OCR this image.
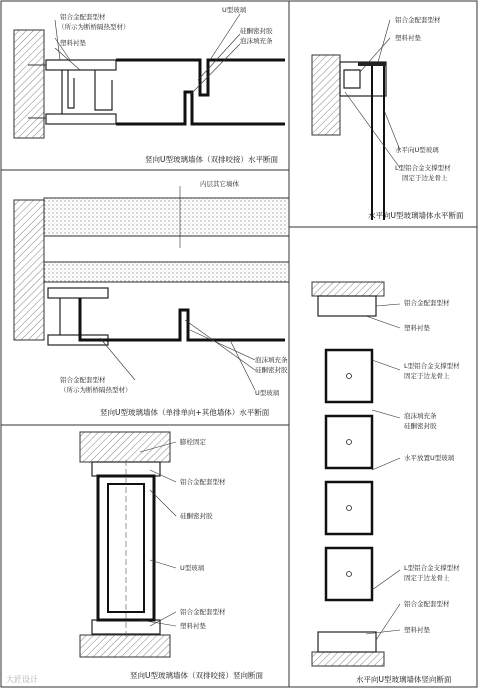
铝合金配套型材
（所示为断桥隔热型材）
塑料衬垫
U型玻璃
硅酮密封胶
泡沫填充条
竖向U型玻璃墙体（双排咬接）水平断面
铝合金配套型材
塑料衬垫
水平向U型玻璃
L型铝合金支撑型材
固定于边龙骨上
水平向U型玻璃墙体水平断面
内层其它墙体
泡沫填充条
硅酮密封胶
铝合金配套型材
（所示为断桥隔热型材）	U型玻璃
竖向U型玻璃墙体（单排单向+其他墙体）水平断面
膨栓固定
铝合金配套型材
硅酮密封胶
U型玻璃
铝合金配套型材
塑料衬垫
竖向U型玻璃墙体（双排咬接）竖向断面
铝合金配套型材
塑料衬垫
L型铝合金支撑型材
固定于边龙骨上
泡沫填充条
硅酮密封胶
水平放置U型玻璃
L型铝合金支撑型材
固定于边龙骨上
铝合金配套型材
塑料衬垫
水平向U型玻璃墙体竖向断面
大匠设计
